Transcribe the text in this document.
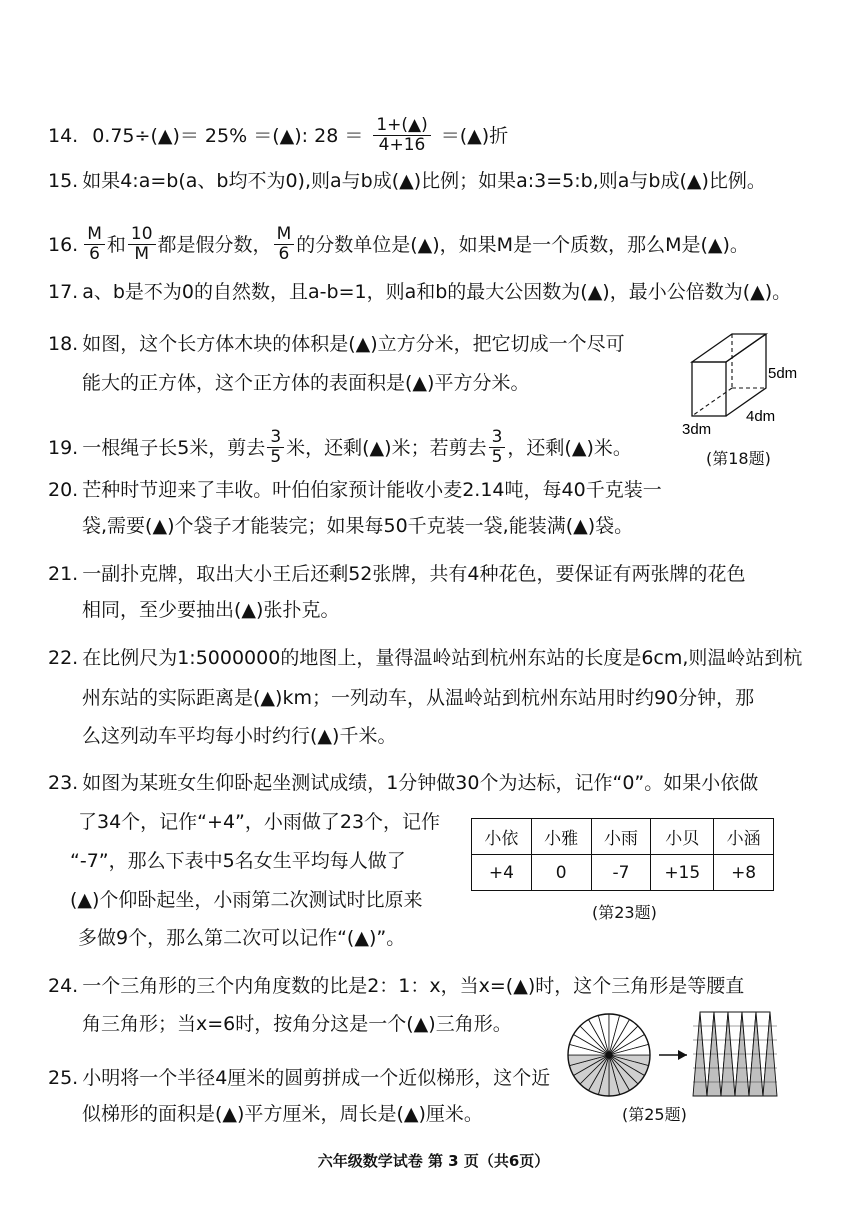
14. 0.75÷( ▲ )＝ 25% ＝( ▲ ): $28 = \frac{1+(▲)}{4+16}$ ＝( ▲ )折
15. 如果4:a=b(a、b均不为0),则a与b成(▲)比例；如果a:3=5:b,则a与b成(▲)比例。
16. $\frac{M}{6}$ 和 $\frac{10}{M}$ 都是假分数， $\frac{M}{6}$ 的分数单位是(▲)，如果M是一个质数，那么M是(▲)。
17. a、b是不为0的自然数，且a-b=1，则a和b的最大公因数为(▲)，最小公倍数为(▲)。
18. 如图，这个长方体木块的体积是(▲)立方分米，把它切成一个尽可
能大的正方体，这个正方体的表面积是(▲)平方分米。	5dm
4dm
3dm
(第18题)
19. 一根绳子长5米，剪去 $\frac{3}{5}$ 米，还剩(▲)米；若剪去 $\frac{3}{5}$ ，还剩(▲)米。
20. 芒种时节迎来了丰收。叶伯伯家预计能收小麦2.14吨，每40千克装一
袋,需要(▲)个袋子才能装完；如果每50千克装一袋,能装满(▲)袋。
21. 一副扑克牌，取出大小王后还剩52张牌，共有4种花色，要保证有两张牌的花色
相同，至少要抽出(▲)张扑克。
22. 在比例尺为1:5000000的地图上，量得温岭站到杭州东站的长度是6cm,则温岭站到杭
州东站的实际距离是(▲)km；一列动车，从温岭站到杭州东站用时约90分钟，那
么这列动车平均每小时约行(▲)千米。
23. 如图为某班女生仰卧起坐测试成绩，1分钟做30个为达标，记作“0”。如果小依做
了34个，记作“+4”，小雨做了23个，记作
“-7”，那么下表中5名女生平均每人做了
(▲)个仰卧起坐，小雨第二次测试时比原来
多做9个，那么第二次可以记作“(▲)”。
小依	小雅	小雨	小贝	小涵
+4	0	-7	+15	+8
(第23题)
24. 一个三角形的三个内角度数的比是2：1：x，当x=(▲)时，这个三角形是等腰直
角三角形；当x=6时，按角分这是一个(▲)三角形。
25. 小明将一个半径4厘米的圆剪拼成一个近似梯形，这个近
似梯形的面积是(▲)平方厘米，周长是(▲)厘米。	(第25题)
六年级数学试卷 第 3 页（共6页）
